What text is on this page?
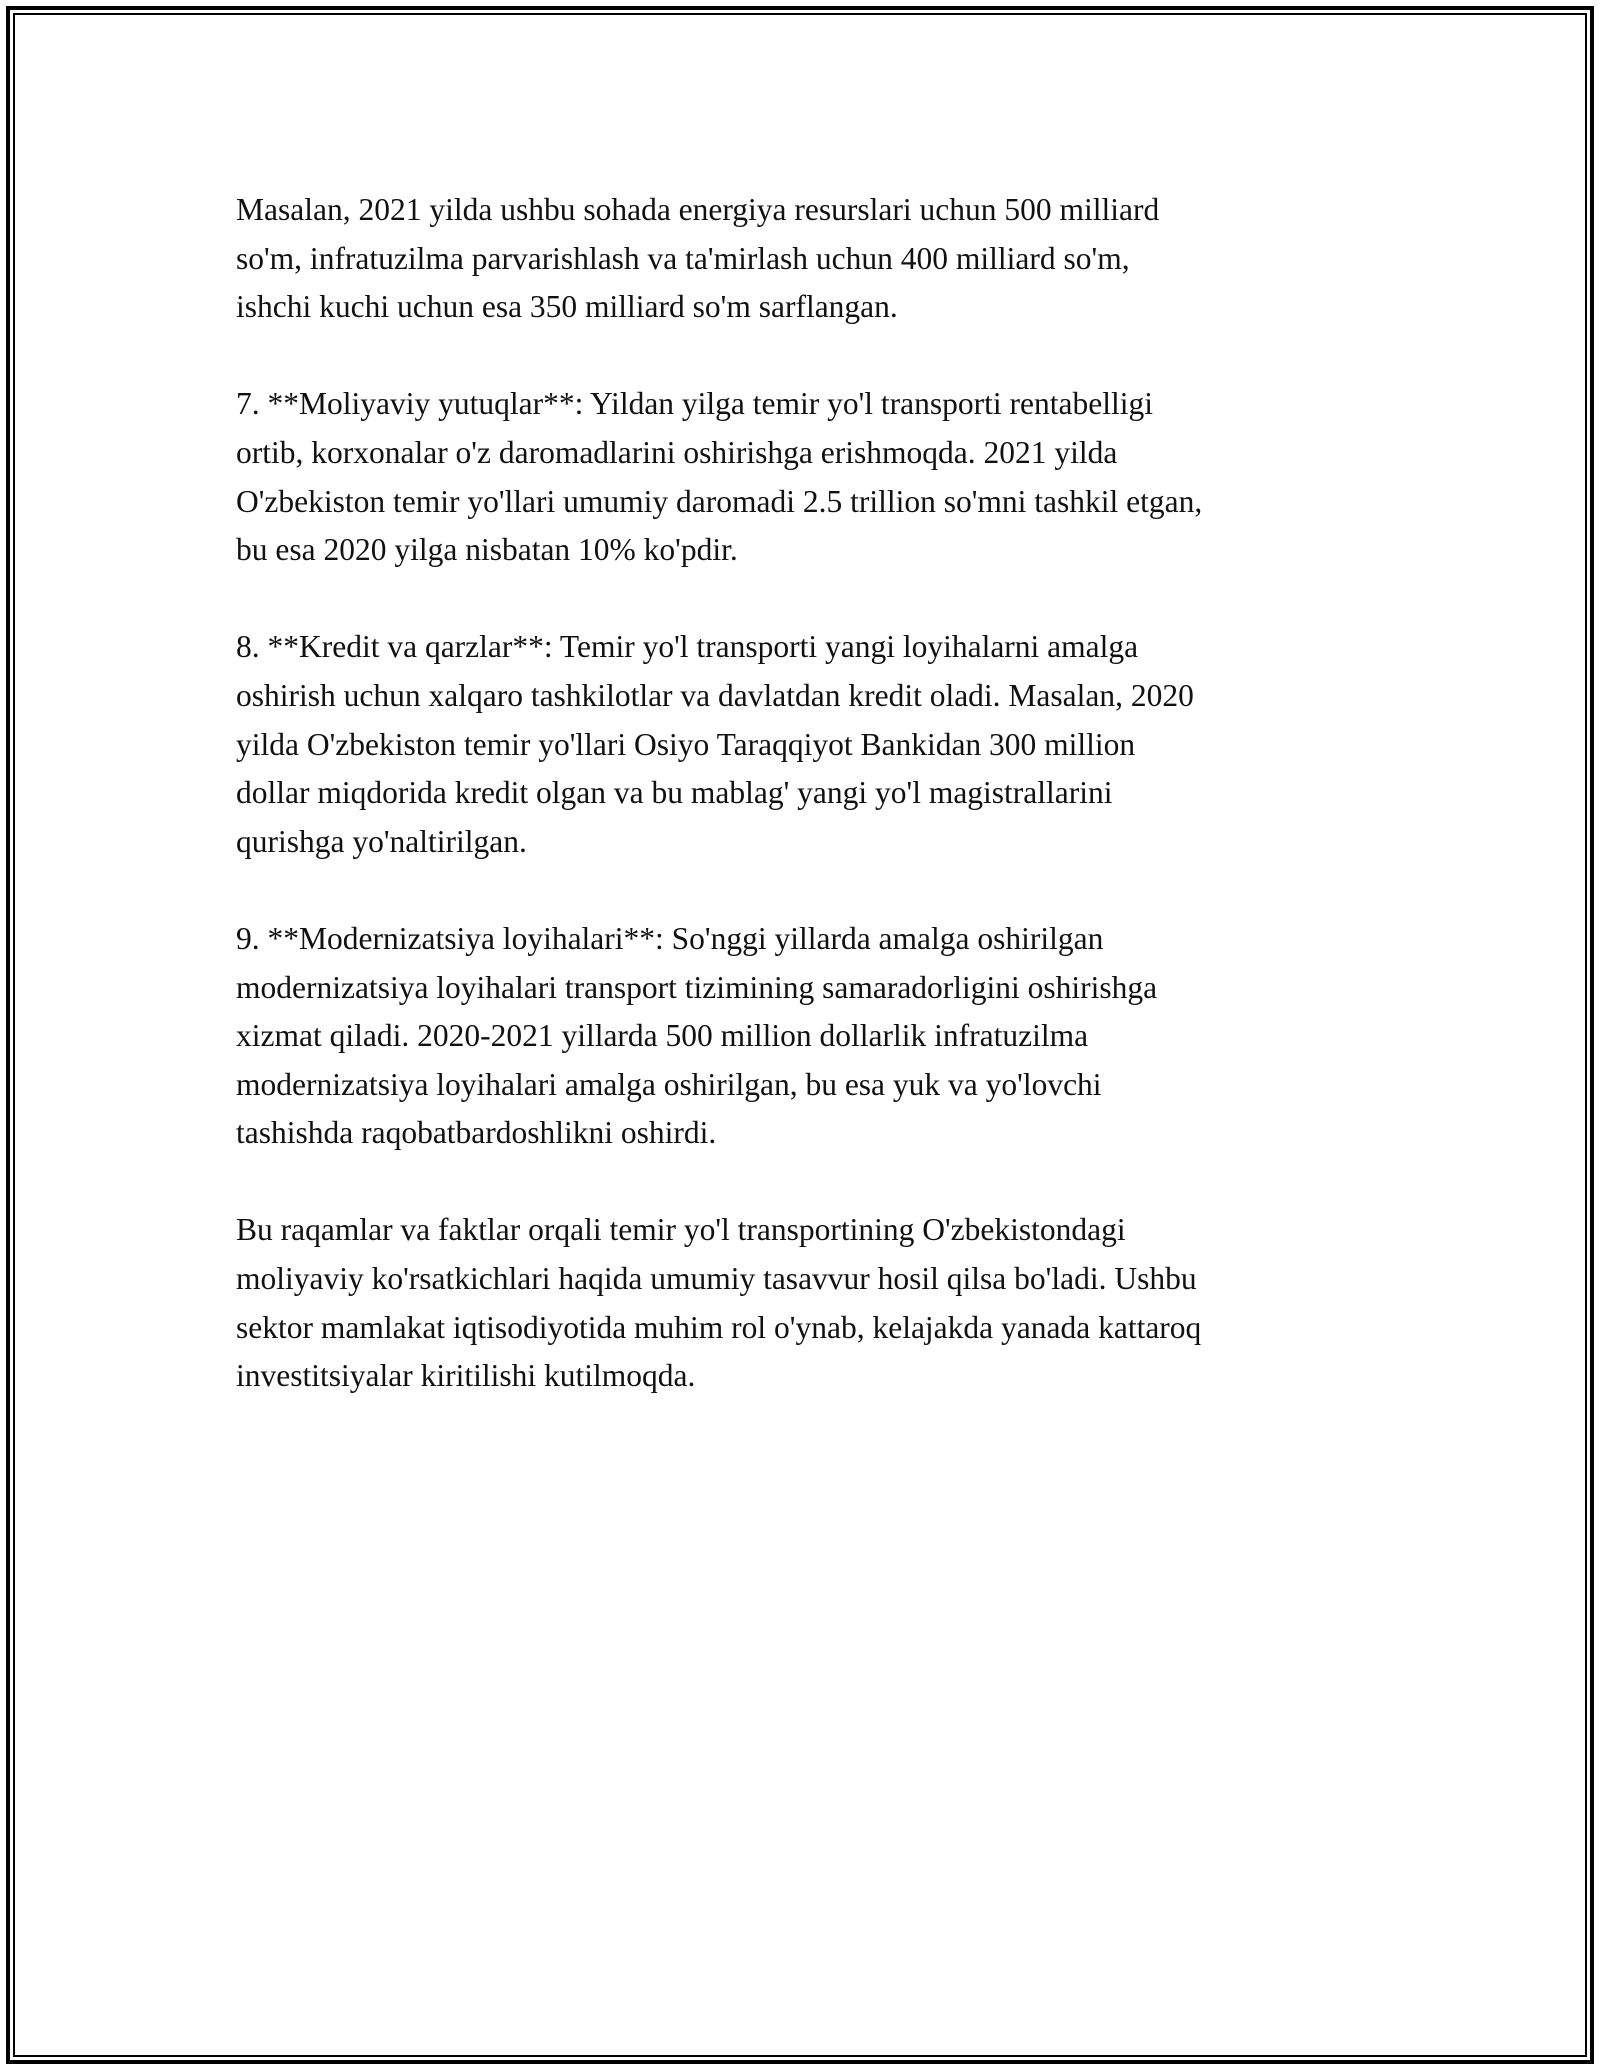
Masalan, 2021 yilda ushbu sohada energiya resurslari uchun 500 milliard
so'm, infratuzilma parvarishlash va ta'mirlash uchun 400 milliard so'm,
ishchi kuchi uchun esa 350 milliard so'm sarflangan.

7. **Moliyaviy yutuqlar**: Yildan yilga temir yo'l transporti rentabelligi
ortib, korxonalar o'z daromadlarini oshirishga erishmoqda. 2021 yilda
O'zbekiston temir yo'llari umumiy daromadi 2.5 trillion so'mni tashkil etgan,
bu esa 2020 yilga nisbatan 10% ko'pdir.

8. **Kredit va qarzlar**: Temir yo'l transporti yangi loyihalarni amalga
oshirish uchun xalqaro tashkilotlar va davlatdan kredit oladi. Masalan, 2020
yilda O'zbekiston temir yo'llari Osiyo Taraqqiyot Bankidan 300 million
dollar miqdorida kredit olgan va bu mablag' yangi yo'l magistrallarini
qurishga yo'naltirilgan.

9. **Modernizatsiya loyihalari**: So'nggi yillarda amalga oshirilgan
modernizatsiya loyihalari transport tizimining samaradorligini oshirishga
xizmat qiladi. 2020-2021 yillarda 500 million dollarlik infratuzilma
modernizatsiya loyihalari amalga oshirilgan, bu esa yuk va yo'lovchi
tashishda raqobatbardoshlikni oshirdi.

Bu raqamlar va faktlar orqali temir yo'l transportining O'zbekistondagi
moliyaviy ko'rsatkichlari haqida umumiy tasavvur hosil qilsa bo'ladi. Ushbu
sektor mamlakat iqtisodiyotida muhim rol o'ynab, kelajakda yanada kattaroq
investitsiyalar kiritilishi kutilmoqda.
